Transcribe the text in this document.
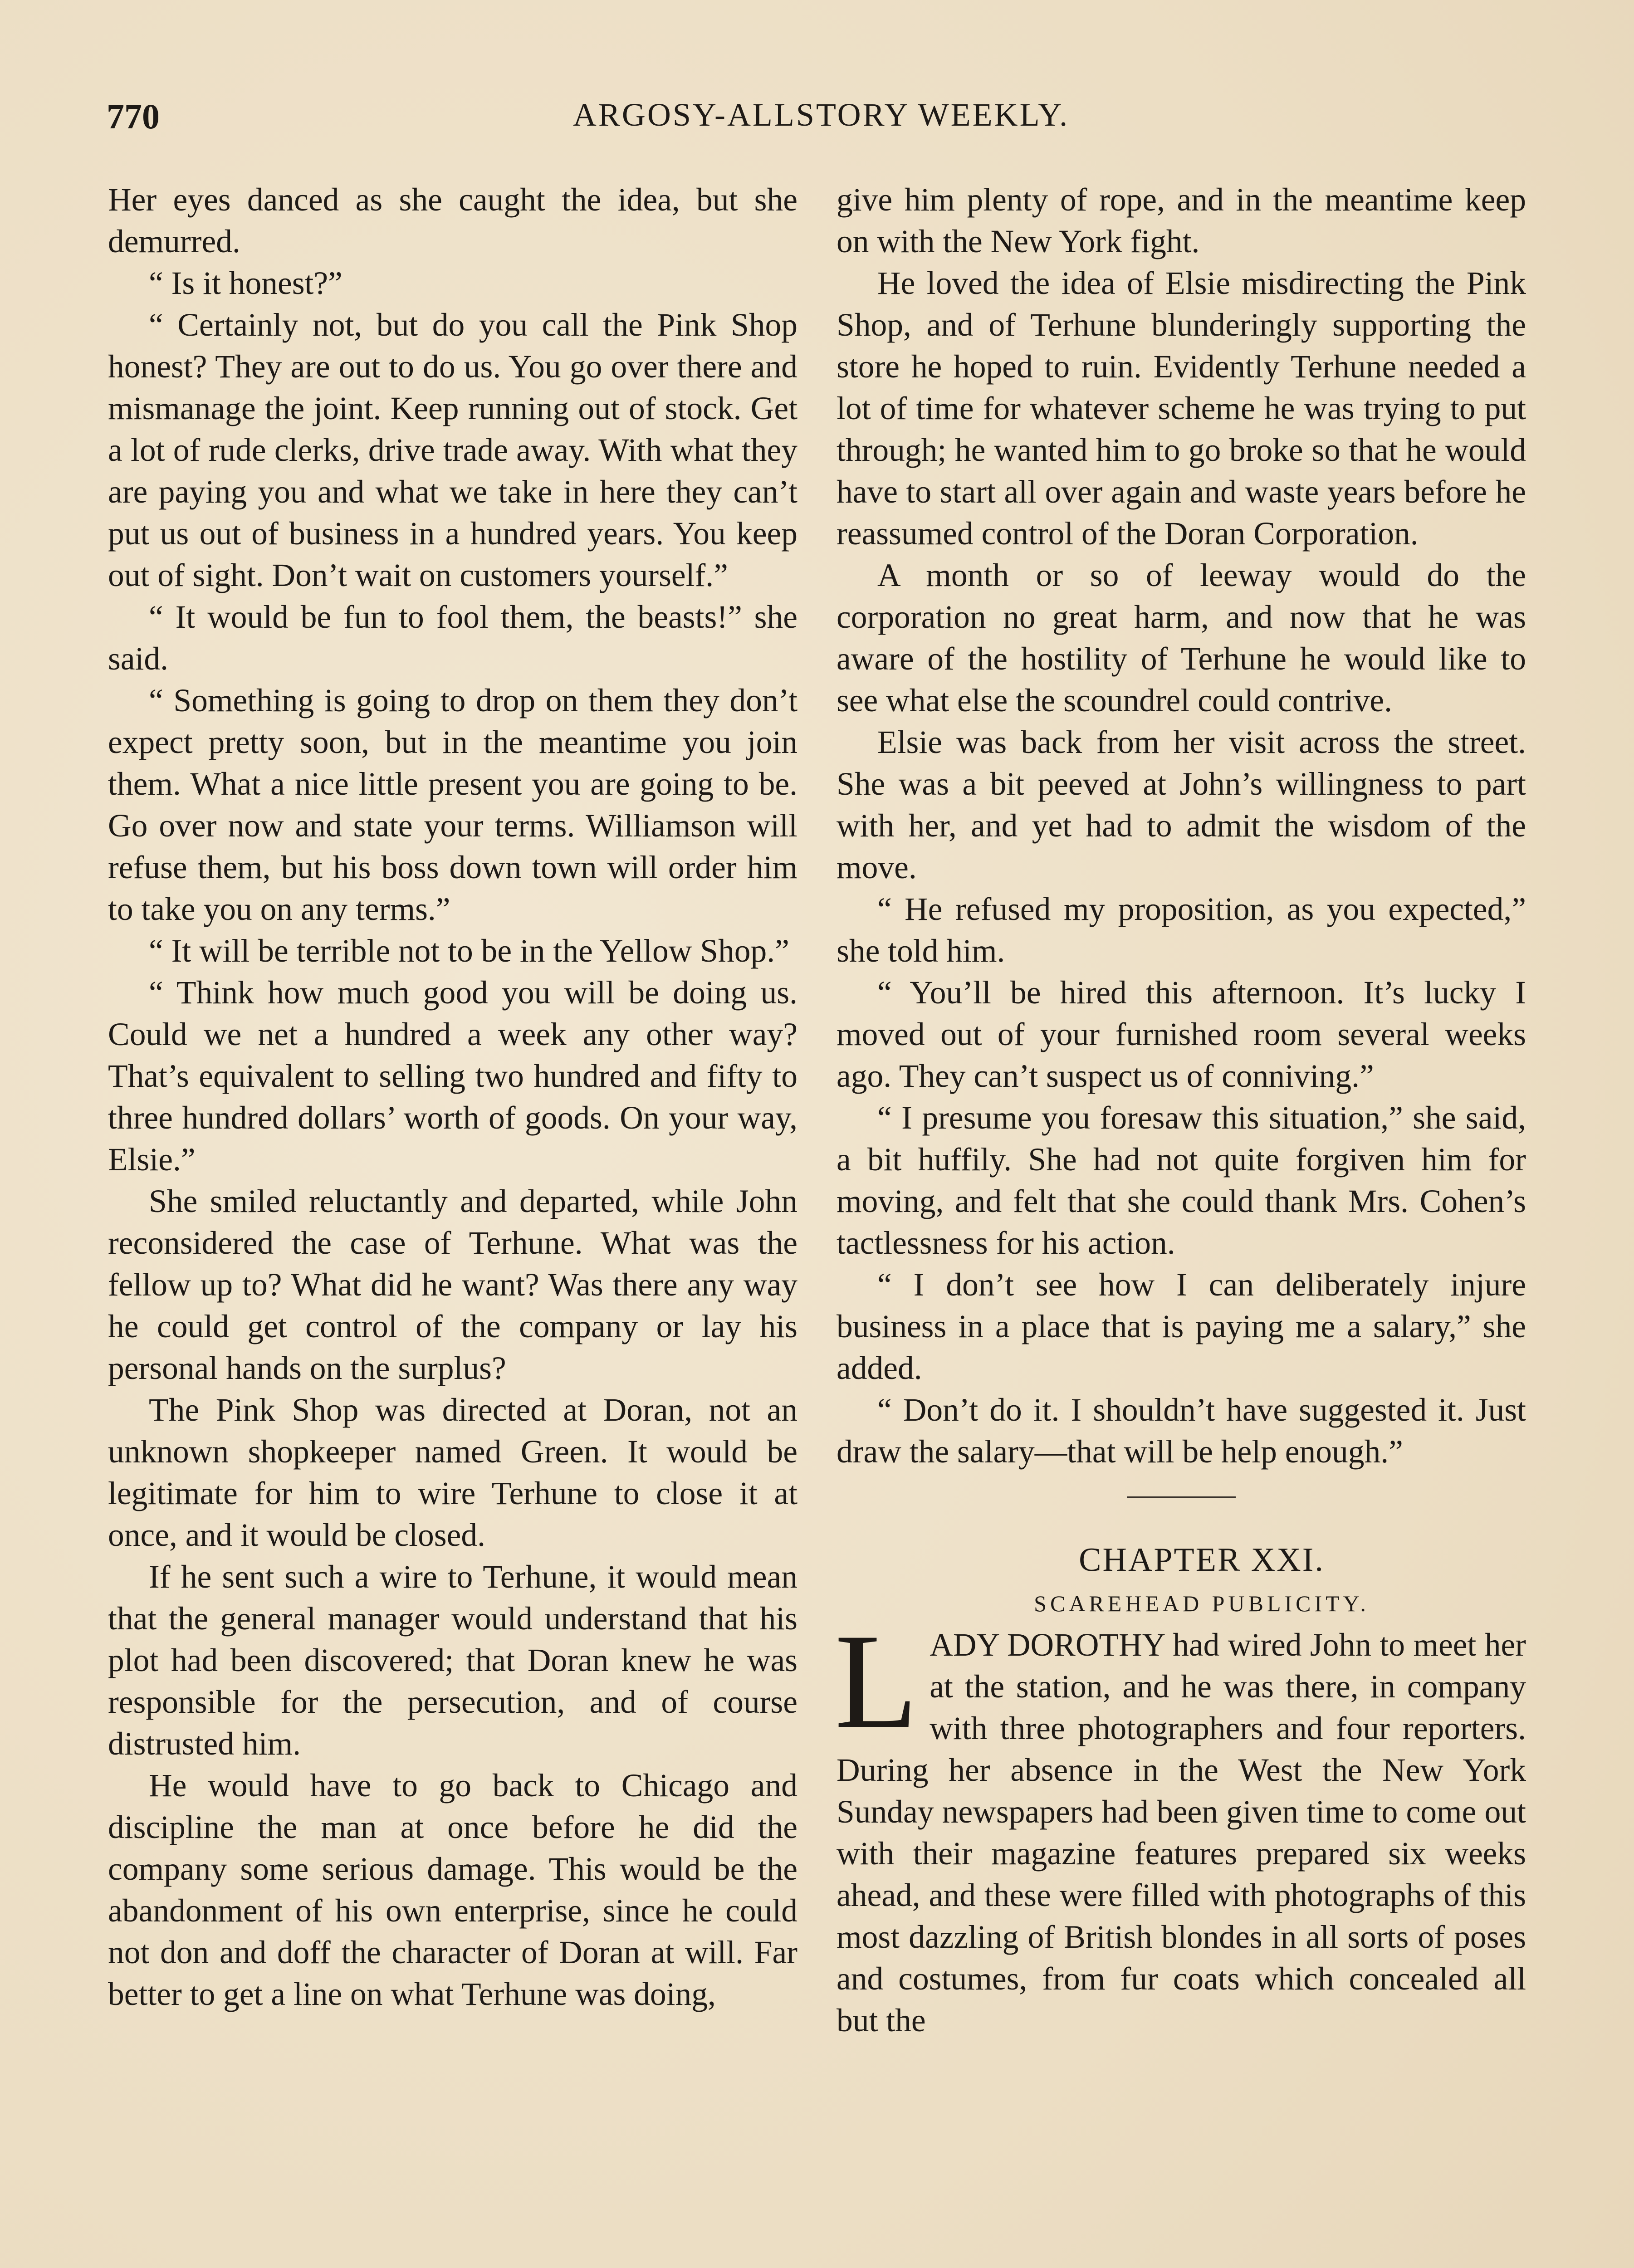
770	ARGOSY-ALLSTORY WEEKLY.

Her eyes danced as she caught the idea, but she demurred.

“ Is it honest?”

“ Certainly not, but do you call the Pink Shop honest? They are out to do us. You go over there and mismanage the joint. Keep running out of stock. Get a lot of rude clerks, drive trade away. With what they are paying you and what we take in here they can’t put us out of business in a hundred years. You keep out of sight. Don’t wait on customers yourself.”

“ It would be fun to fool them, the beasts!” she said.

“ Something is going to drop on them they don’t expect pretty soon, but in the meantime you join them. What a nice little present you are going to be. Go over now and state your terms. Williamson will refuse them, but his boss down town will order him to take you on any terms.”

“ It will be terrible not to be in the Yellow Shop.”

“ Think how much good you will be doing us. Could we net a hundred a week any other way? That’s equivalent to selling two hundred and fifty to three hundred dollars’ worth of goods. On your way, Elsie.”

She smiled reluctantly and departed, while John reconsidered the case of Terhune. What was the fellow up to? What did he want? Was there any way he could get control of the company or lay his personal hands on the surplus?

The Pink Shop was directed at Doran, not an unknown shopkeeper named Green. It would be legitimate for him to wire Terhune to close it at once, and it would be closed.

If he sent such a wire to Terhune, it would mean that the general manager would understand that his plot had been discovered; that Doran knew he was responsible for the persecution, and of course distrusted him.

He would have to go back to Chicago and discipline the man at once before he did the company some serious damage. This would be the abandonment of his own enterprise, since he could not don and doff the character of Doran at will. Far better to get a line on what Terhune was doing,

give him plenty of rope, and in the meantime keep on with the New York fight.

He loved the idea of Elsie misdirecting the Pink Shop, and of Terhune blunderingly supporting the store he hoped to ruin. Evidently Terhune needed a lot of time for whatever scheme he was trying to put through; he wanted him to go broke so that he would have to start all over again and waste years before he reassumed control of the Doran Corporation.

A month or so of leeway would do the corporation no great harm, and now that he was aware of the hostility of Terhune he would like to see what else the scoundrel could contrive.

Elsie was back from her visit across the street. She was a bit peeved at John’s willingness to part with her, and yet had to admit the wisdom of the move.

“ He refused my proposition, as you expected,” she told him.

“ You’ll be hired this afternoon. It’s lucky I moved out of your furnished room several weeks ago. They can’t suspect us of conniving.”

“ I presume you foresaw this situation,” she said, a bit huffily. She had not quite forgiven him for moving, and felt that she could thank Mrs. Cohen’s tactlessness for his action.

“ I don’t see how I can deliberately injure business in a place that is paying me a salary,” she added.

“ Don’t do it. I shouldn’t have suggested it. Just draw the salary—that will be help enough.”

CHAPTER XXI.

SCAREHEAD PUBLICITY.

LADY DOROTHY had wired John to meet her at the station, and he was there, in company with three photographers and four reporters. During her absence in the West the New York Sunday newspapers had been given time to come out with their magazine features prepared six weeks ahead, and these were filled with photographs of this most dazzling of British blondes in all sorts of poses and costumes, from fur coats which concealed all but the
